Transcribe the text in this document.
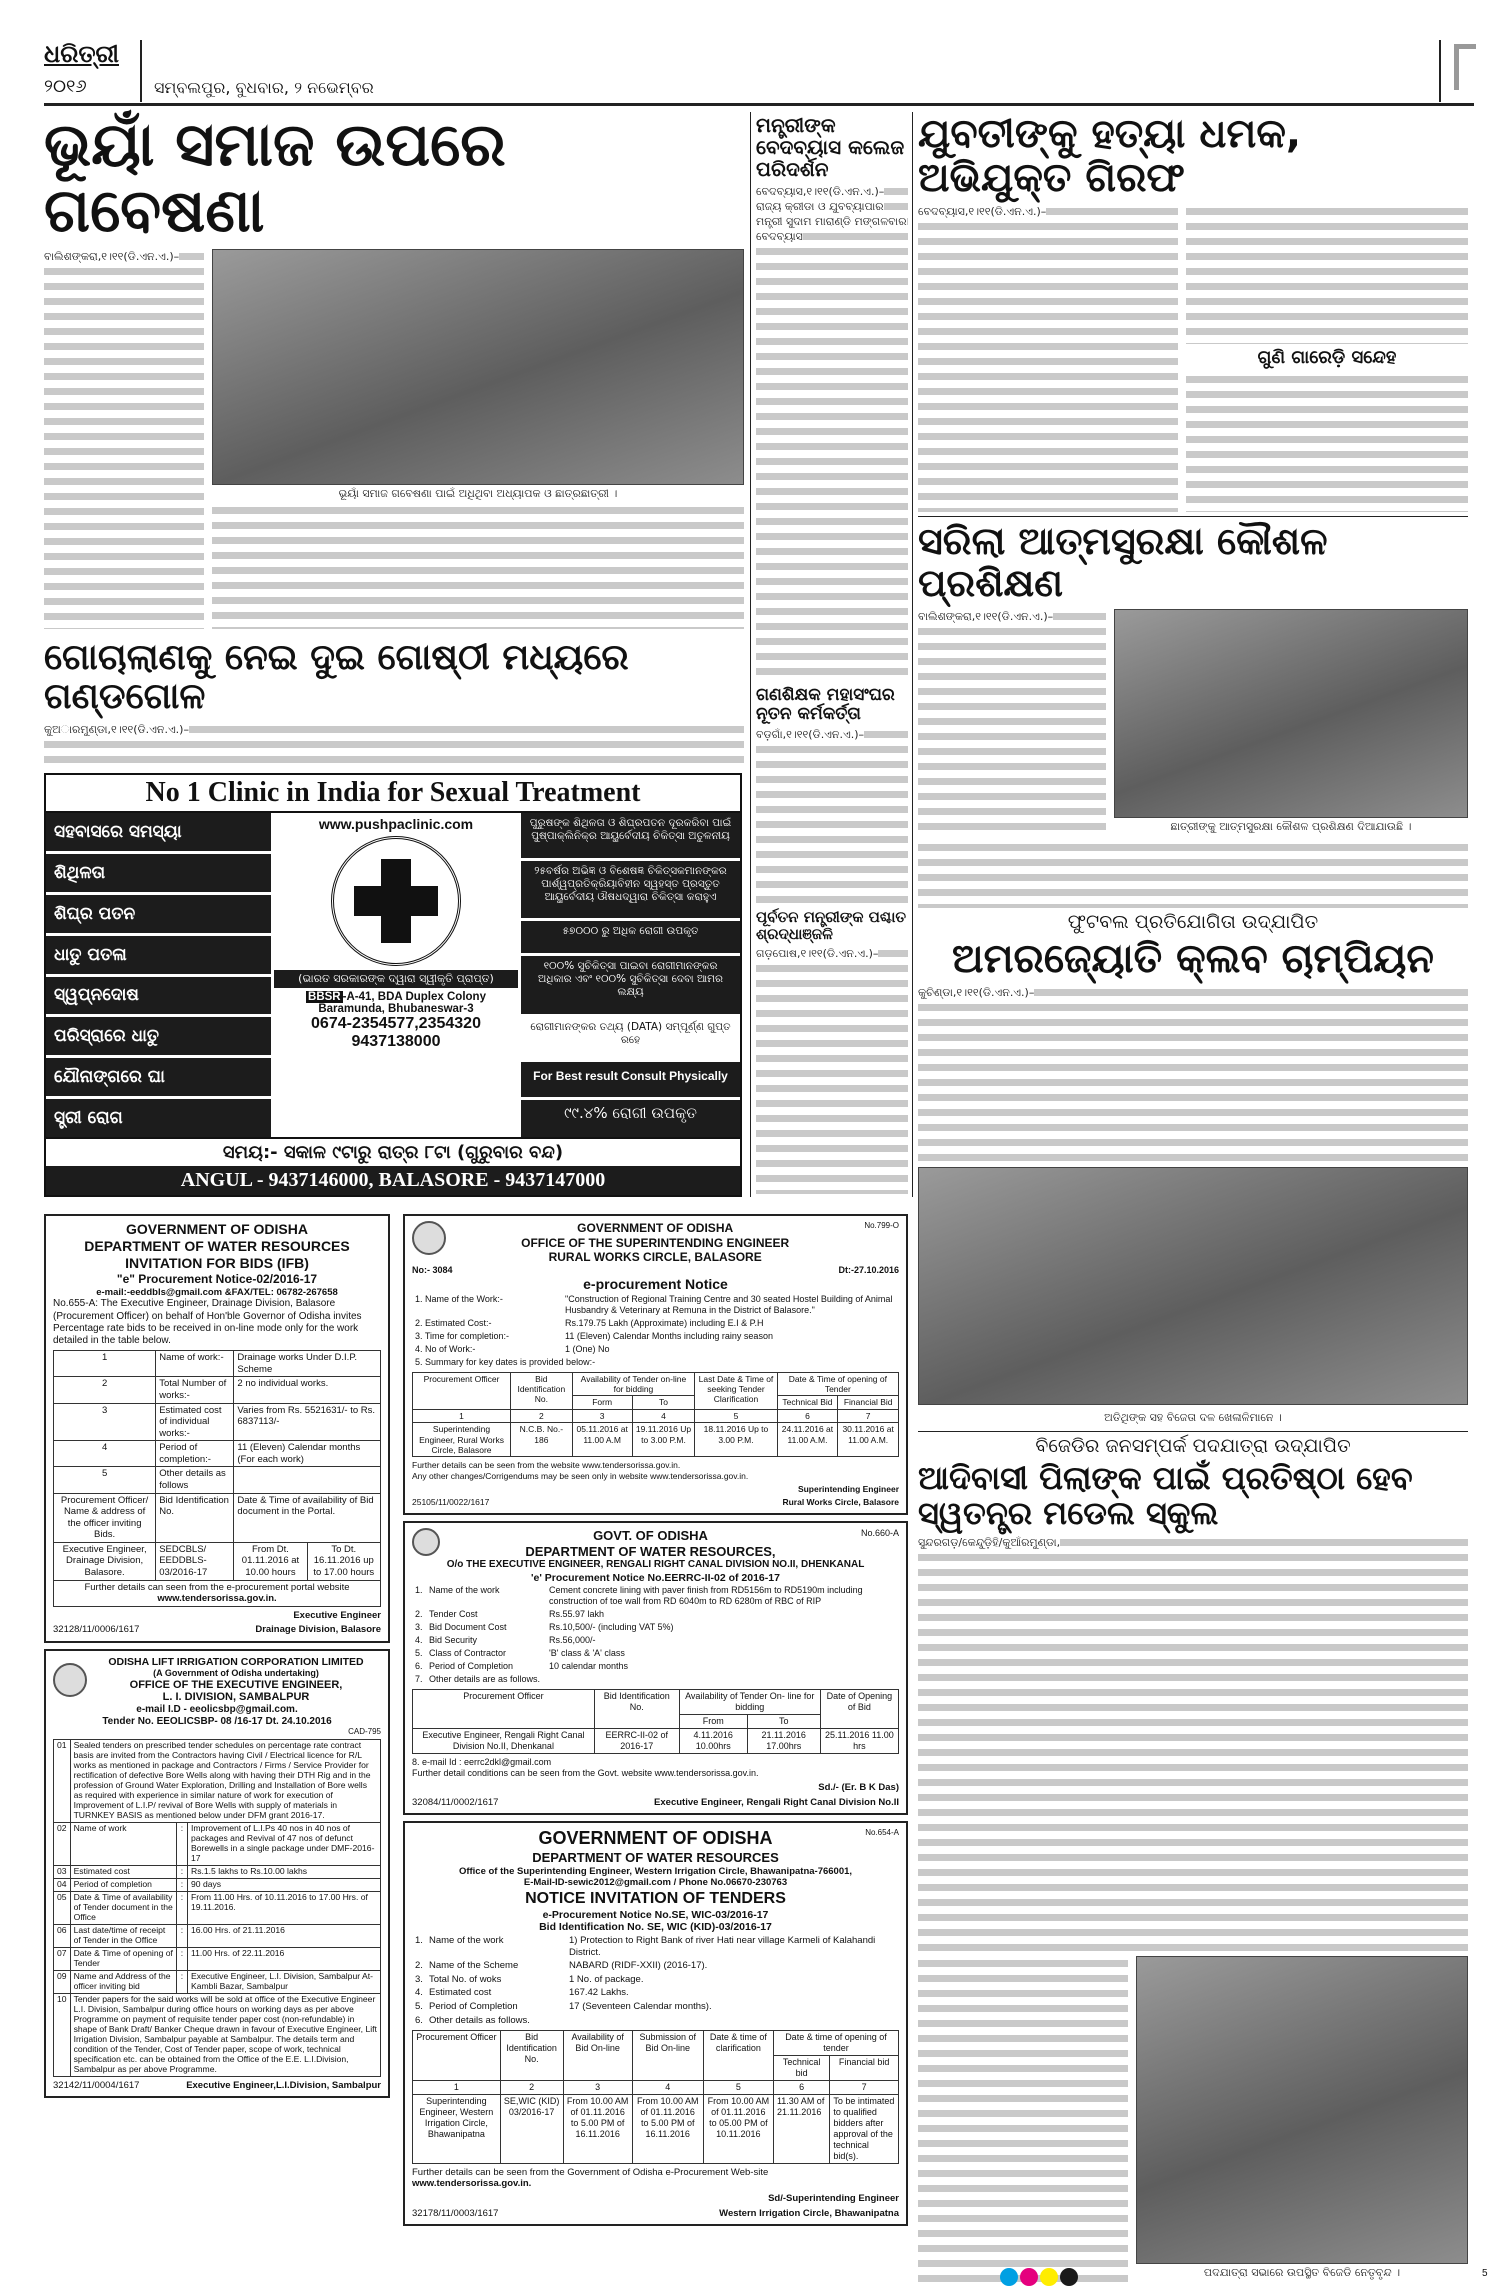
ଧରିତ୍ରୀ
୨୦୧୬	ସମ୍ବଲପୁର, ବୁଧବାର, ୨ ନଭେମ୍ବର
ଭୂୟାଁ ସମାଜ ଉପରେ ଗବେଷଣା
ବାଲିଶଙ୍କରା,୧।୧୧(ଡି.ଏନ.ଏ.)–
ଭୂୟାଁ ସମାଜ ଗବେଷଣା ପାଇଁ ଅଧିଥିବା ଅଧ୍ୟାପକ ଓ ଛାତ୍ରଛାତ୍ରୀ ।
ଗୋଚାଲାଣକୁ ନେଇ ଦୁଇ ଗୋଷ୍ଠୀ ମଧ୍ୟରେ ଗଣ୍ଡଗୋଳ
କୁଅାରମୁଣ୍ଡା,୧।୧୧(ଡି.ଏନ.ଏ.)–
No 1 Clinic in India for Sexual Treatment
ସହବାସରେ ସମସ୍ୟା
ଶିଥିଳତା
ଶିଘ୍ର ପତନ
ଧାତୁ ପତଳା
ସ୍ୱପ୍ନଦୋଷ
ପରିସ୍ରାରେ ଧାତୁ
ଯୌନାଙ୍ଗରେ ଘା
ସ୍ତ୍ରୀ ରୋଗ
www.pushpaclinic.com
(ଭାରତ ସରକାରଙ୍କ ଦ୍ୱାରା ସ୍ୱୀକୃତି ପ୍ରାପ୍ତ)
BBSR -A-41, BDA Duplex Colony
Baramunda, Bhubaneswar-3
0674-2354577,2354320
9437138000
ପୁରୁଷଙ୍କ ଶିଥିଳତା ଓ ଶିଘ୍ରପତନ ଦୂରକରିବା ପାଇଁ ପୁଷ୍ପାକ୍ଲିନିକ୍‌ର ଆୟୁର୍ବେଦୀୟ ଚିକିତ୍ସା ଅତୁଳନୀୟ
୨୫ବର୍ଷର ଅଭିଜ୍ଞ ଓ ବିଶେଷଜ୍ଞ ଚିକିତ୍ସକମାନଙ୍କର ପାର୍ଶ୍ୱପ୍ରତିକ୍ରିୟାବିହୀନ ସ୍ୱହସ୍ତ ପ୍ରସ୍ତୁତ ଆୟୁର୍ବେଦୀୟ ଔଷଧଦ୍ୱାରା ଚିକିତ୍ସା କରାହୁଏ
୫୭୦୦୦ ରୁ ଅଧିକ ରୋଗୀ ଉପକୃତ
୧୦୦% ସୁଚିକିତ୍ସା ପାଇବା ରୋଗୀମାନଙ୍କର ଅଧିକାର ଏବଂ ୧୦୦% ସୁଚିକିତ୍ସା ଦେବା ଆମର ଲକ୍ଷ୍ୟ
ରୋଗୀମାନଙ୍କର ତଥ୍ୟ (DATA) ସମ୍ପୂର୍ଣ୍ଣ ଗୁପ୍ତ ରହେ
For Best result Consult Physically
୯୯.୪% ରୋଗୀ ଉପକୃତ
ସମୟ:- ସକାଳ ୯ଟାରୁ ରାତ୍ର ୮ଟା (ଗୁରୁବାର ବନ୍ଦ)
ANGUL - 9437146000, BALASORE - 9437147000
GOVERNMENT OF ODISHA
DEPARTMENT OF WATER RESOURCES
INVITATION FOR BIDS (IFB)
"e" Procurement Notice-02/2016-17
e-mail:-eeddbls@gmail.com &FAX/TEL: 06782-267658

No.655-A: The Executive Engineer, Drainage Division, Balasore (Procurement Officer) on behalf of Hon'ble Governor of Odisha invites Percentage rate bids to be received in on-line mode only for the work detailed in the table below.

1	Name of work:-	Drainage works Under D.I.P. Scheme	
2	Total Number of works:-	2 no individual works.	
3	Estimated cost of individual works:-	Varies from Rs. 5521631/- to Rs. 6837113/-	
4	Period of completion:-	11 (Eleven) Calendar months (For each work)	
5	Other details as follows		
Procurement Officer/ Name & address of the officer inviting Bids.	Bid Identification No.	Date & Time of availability of Bid document in the Portal.	
Executive Engineer, Drainage Division, Balasore.	SEDCBLS/ EEDDBLS-03/2016-17	From Dt. 01.11.2016 at 10.00 hours	To Dt. 16.11.2016 up to 17.00 hours
Further details can seen from the e-procurement portal website
www.tendersorissa.gov.in.			
Executive Engineer
32128/11/0006/1617	Drainage Division, Balasore
ODISHA LIFT IRRIGATION CORPORATION LIMITED
(A Government of Odisha undertaking)
OFFICE OF THE EXECUTIVE ENGINEER,
L. I. DIVISION, SAMBALPUR
e-mail I.D - eeolicsbp@gmail.com.
Tender No. EEOLICSBP- 08 /16-17 Dt. 24.10.2016
CAD-795
01	Sealed tenders on prescribed tender schedules on percentage rate contract basis are invited from the Contractors having Civil / Electrical licence for R/L works as mentioned in package and Contractors / Firms / Service Provider for rectification of defective Bore Wells along with having their DTH Rig and in the profession of Ground Water Exploration, Drilling and Installation of Bore wells as required with experience in similar nature of work for execution of Improvement of L.I.P/ revival of Bore Wells with supply of materials in TURNKEY BASIS as mentioned below under DFM grant 2016-17.		
02	Name of work	:	Improvement of L.I.Ps 40 nos in 40 nos of packages and Revival of 47 nos of defunct Borewells in a single package under DMF-2016-17
03	Estimated cost	:	Rs.1.5 lakhs to Rs.10.00 lakhs
04	Period of completion	:	90 days
05	Date & Time of availability of Tender document in the Office	:	From 11.00 Hrs. of 10.11.2016 to 17.00 Hrs. of 19.11.2016.
06	Last date/time of receipt of Tender in the Office	:	16.00 Hrs. of 21.11.2016
07	Date & Time of opening of Tender	:	11.00 Hrs. of 22.11.2016
09	Name and Address of the officer inviting bid	:	Executive Engineer, L.I. Division, Sambalpur At-Kambli Bazar, Sambalpur
10	Tender papers for the said works will be sold at office of the Executive Engineer L.I. Division, Sambalpur during office hours on working days as per above Programme on payment of requisite tender paper cost (non-refundable) in shape of Bank Draft/ Banker Cheque drawn in favour of Executive Engineer, Lift Irrigation Division, Sambalpur payable at Sambalpur. The details term and condition of the Tender, Cost of Tender paper, scope of work, technical specification etc. can be obtained from the Office of the E.E. L.I.Division, Sambalpur as per above Programme.		
32142/11/0004/1617	Executive Engineer,L.I.Division, Sambalpur
GOVERNMENT OF ODISHA
OFFICE OF THE SUPERINTENDING ENGINEER
RURAL WORKS CIRCLE, BALASORE
No.799-O
No:- 3084	Dt:-27.10.2016
e-procurement Notice
1. Name of the Work:-	"Construction of Regional Training Centre and 30 seated Hostel Building of Animal Husbandry & Veterinary at Remuna in the District of Balasore."
2. Estimated Cost:-	Rs.179.75 Lakh (Approximate) including E.I & P.H
3. Time for completion:-	11 (Eleven) Calendar Months including rainy season
4. No of Work:-	1 (One) No
5. Summary for key dates is provided below:-	
Procurement Officer	Bid Identification No.	Availability of Tender on-line for bidding		Last Date & Time of seeking Tender Clarification	Date & Time of opening of Tender	
		Form	To		Technical Bid	Financial Bid
1	2	3	4	5	6	7
Superintending Engineer, Rural Works Circle, Balasore	N.C.B. No.- 186	05.11.2016 at 11.00 A.M	19.11.2016 Up to 3.00 P.M.	18.11.2016 Up to 3.00 P.M.	24.11.2016 at 11.00 A.M.	30.11.2016 at 11.00 A.M.
Further details can be seen from the website www.tendersorissa.gov.in.
Any other changes/Corrigendums may be seen only in website www.tendersorissa.gov.in.
Superintending Engineer
25105/11/0022/1617	Rural Works Circle, Balasore
GOVT. OF ODISHA
DEPARTMENT OF WATER RESOURCES,
No.660-A
O/o THE EXECUTIVE ENGINEER, RENGALI RIGHT CANAL DIVISION NO.II, DHENKANAL
'e' Procurement Notice No.EERRC-II-02 of 2016-17
1.	Name of the work	Cement concrete lining with paver finish from RD5156m to RD5190m including construction of toe wall from RD 6040m to RD 6280m of RBC of RIP
2.	Tender Cost	Rs.55.97 lakh
3.	Bid Document Cost	Rs.10,500/- (including VAT 5%)
4.	Bid Security	Rs.56,000/-
5.	Class of Contractor	'B' class & 'A' class
6.	Period of Completion	10 calendar months
7.	Other details are as follows.	
Procurement Officer	Bid Identification No.	Availability of Tender On- line for bidding		Date of Opening of Bid
		From	To	
Executive Engineer, Rengali Right Canal Division No.II, Dhenkanal	EERRC-II-02 of 2016-17	4.11.2016 10.00hrs	21.11.2016 17.00hrs	25.11.2016 11.00 hrs
8. e-mail Id : eerrc2dkl@gmail.com
Further detail conditions can be seen from the Govt. website www.tendersorissa.gov.in.
Sd./- (Er. B K Das)
32084/11/0002/1617	Executive Engineer, Rengali Right Canal Division No.II
GOVERNMENT OF ODISHA	No.654-A
DEPARTMENT OF WATER RESOURCES
Office of the Superintending Engineer, Western Irrigation Circle, Bhawanipatna-766001,
E-Mail-ID-sewic2012@gmail.com / Phone No.06670-230763
NOTICE INVITATION OF TENDERS
e-Procurement Notice No.SE, WIC-03/2016-17
Bid Identification No. SE, WIC (KID)-03/2016-17
1.	Name of the work	1) Protection to Right Bank of river Hati near village Karmeli of Kalahandi District.
2.	Name of the Scheme	NABARD (RIDF-XXII) (2016-17).
3.	Total No. of woks	1 No. of package.
4.	Estimated cost	167.42 Lakhs.
5.	Period of Completion	17 (Seventeen Calendar months).
6.	Other details as follows.	
Procurement Officer	Bid Identification No.	Availability of Bid On-line	Submission of Bid On-line	Date & time of clarification	Date & time of opening of tender	
					Technical bid	Financial bid
1	2	3	4	5	6	7
Superintending Engineer, Western Irrigation Circle, Bhawanipatna	SE,WIC (KID) 03/2016-17	From 10.00 AM of 01.11.2016 to 5.00 PM of 16.11.2016	From 10.00 AM of 01.11.2016 to 5.00 PM of 16.11.2016	From 10.00 AM of 01.11.2016 to 05.00 PM of 10.11.2016	11.30 AM of 21.11.2016	To be intimated to qualified bidders after approval of the technical bid(s).
Further details can be seen from the Government of Odisha e-Procurement Web-site
www.tendersorissa.gov.in.
Sd/-Superintending Engineer
32178/11/0003/1617	Western Irrigation Circle, Bhawanipatna
ମନ୍ତ୍ରୀଙ୍କ ବେଦବ୍ୟାସ କଲେଜ ପରିଦର୍ଶନ
ବେଦବ୍ୟାସ,୧।୧୧(ଡି.ଏନ.ଏ.)– ରାଜ୍ୟ କ୍ରୀଡା ଓ ଯୁବବ୍ୟାପାର ମନ୍ତ୍ରୀ ସୁଦାମ ମାରାଣ୍ଡି ମଙ୍ଗଳବାର ବେଦବ୍ୟାସ
ଗଣଶିକ୍ଷକ ମହାସଂଘର ନୂତନ କର୍ମକର୍ତ୍ତା
ବଡ଼ଗାଁ,୧।୧୧(ଡି.ଏନ.ଏ.)–
ପୂର୍ବତନ ମନ୍ତ୍ରୀଙ୍କ ପଶ୍ଚାତ ଶ୍ରଦ୍ଧାଞ୍ଜଳି
ଗଡ଼ପୋଷ,୧।୧୧(ଡି.ଏନ.ଏ.)–
ଯୁବତୀଙ୍କୁ ହତ୍ୟା ଧମକ, ଅଭିଯୁକ୍ତ ଗିରଫ
ବେଦବ୍ୟାସ,୧।୧୧(ଡି.ଏନ.ଏ.)–
ଗୁଣି ଗାରେଡ଼ି ସନ୍ଦେହ
ସରିଲା ଆତ୍ମସୁରକ୍ଷା କୌଶଳ ପ୍ରଶିକ୍ଷଣ
ବାଲିଶଙ୍କରା,୧।୧୧(ଡି.ଏନ.ଏ.)–
ଛାତ୍ରୀଙ୍କୁ ଆତ୍ମସୁରକ୍ଷା କୌଶଳ ପ୍ରଶିକ୍ଷଣ ଦିଆଯାଉଛି ।
ଫୁଟବଲ ପ୍ରତିଯୋଗିତା ଉଦ୍‌ଯାପିତ
ଅମରଜ୍ୟୋତି କ୍ଲବ ଚାମ୍ପିୟନ
କୁଚିଣ୍ଡା,୧।୧୧(ଡି.ଏନ.ଏ.)–
ଅତିଥିଙ୍କ ସହ ବିଜେତା ଦଳ ଖେଳାଳିମାନେ ।
ବିଜେଡିର ଜନସମ୍ପର୍କ ପଦଯାତ୍ରା ଉଦ୍‌ଯାପିତ
ଆଦିବାସୀ ପିଲାଙ୍କ ପାଇଁ ପ୍ରତିଷ୍ଠା ହେବ ସ୍ୱତନ୍ତ୍ର ମଡେଲ ସ୍କୁଲ
ସୁନ୍ଦରଗଡ଼/କେନ୍ଦୁଡ଼ିହି/କୁଆଁରମୁଣ୍ଡା,
ପଦଯାତ୍ରା ସଭାରେ ଉପସ୍ଥିତ ବିଜେଡି ନେତୃବୃନ୍ଦ ।	5
